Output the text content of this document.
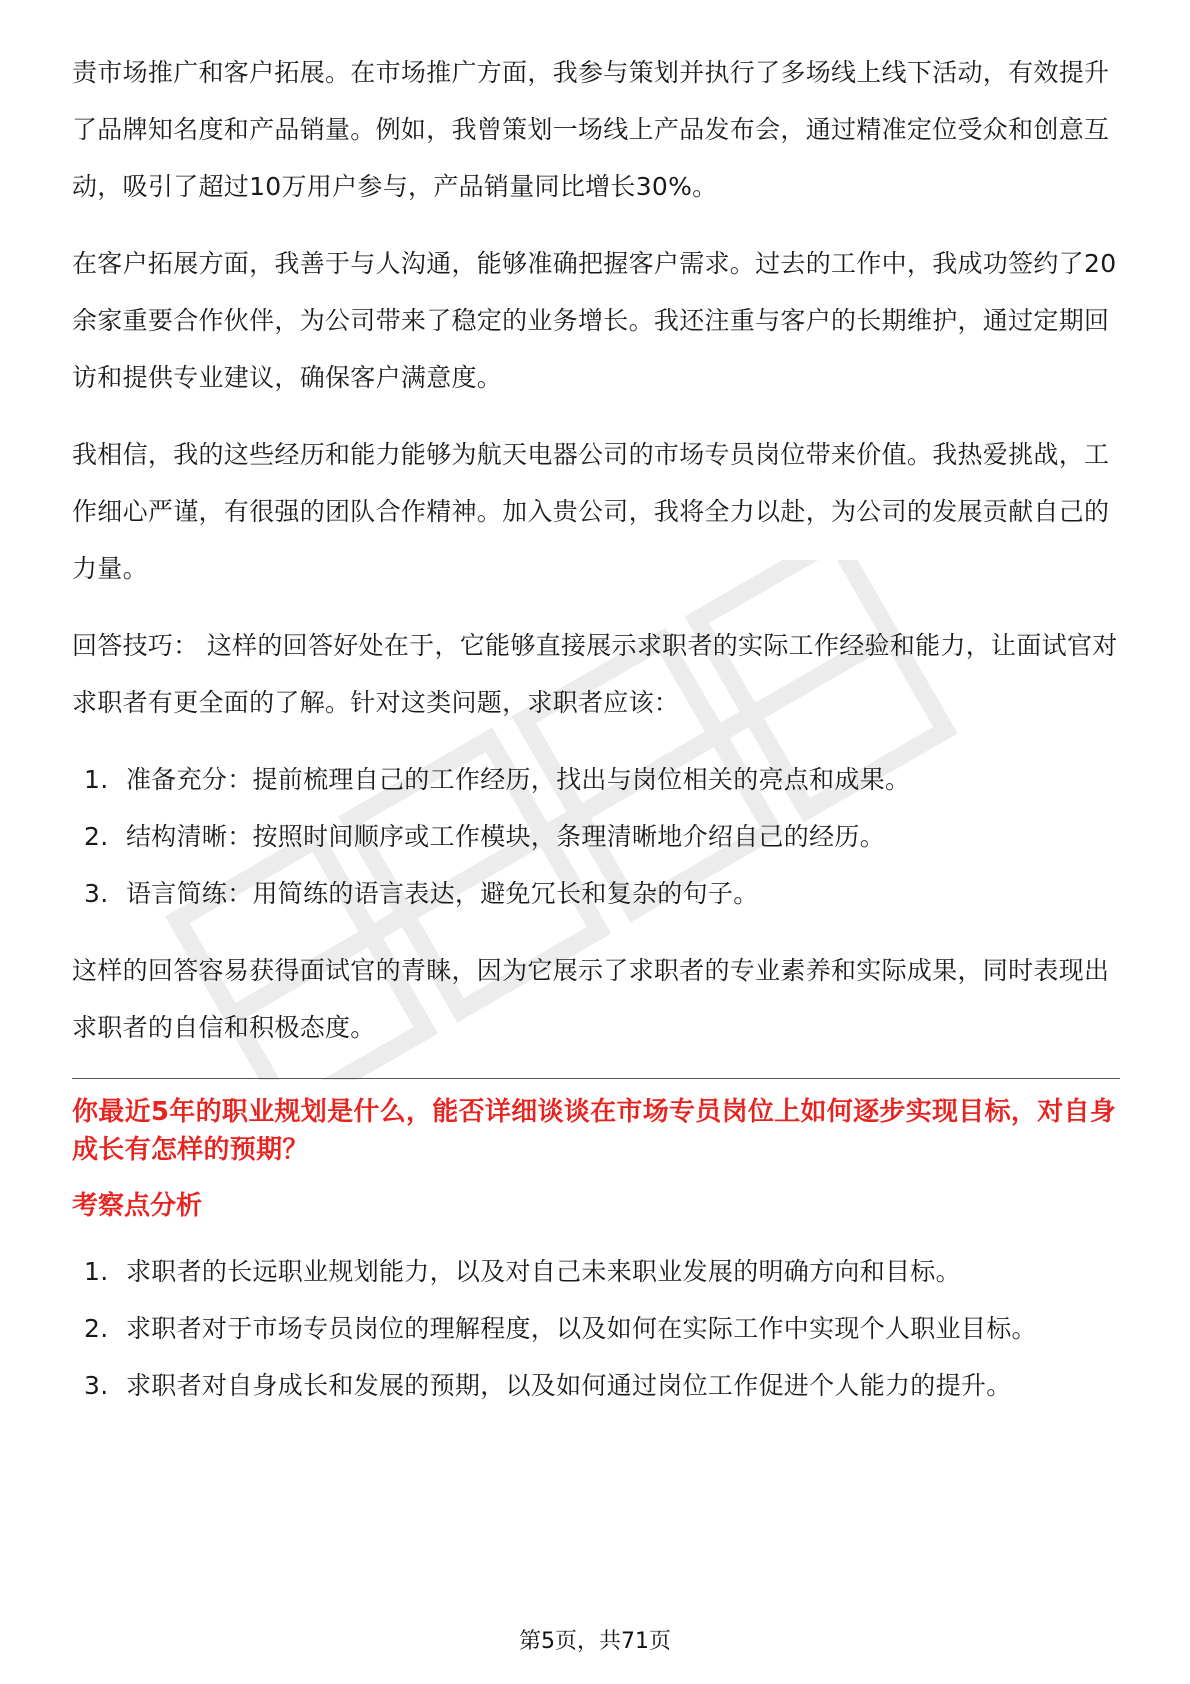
责市场推广和客户拓展。在市场推广方面，我参与策划并执行了多场线上线下活动，有效提升了品牌知名度和产品销量。例如，我曾策划一场线上产品发布会，通过精准定位受众和创意互动，吸引了超过10万用户参与，产品销量同比增长30%。

在客户拓展方面，我善于与人沟通，能够准确把握客户需求。过去的工作中，我成功签约了20余家重要合作伙伴，为公司带来了稳定的业务增长。我还注重与客户的长期维护，通过定期回访和提供专业建议，确保客户满意度。

我相信，我的这些经历和能力能够为航天电器公司的市场专员岗位带来价值。我热爱挑战，工作细心严谨，有很强的团队合作精神。加入贵公司，我将全力以赴，为公司的发展贡献自己的力量。

回答技巧： 这样的回答好处在于，它能够直接展示求职者的实际工作经验和能力，让面试官对求职者有更全面的了解。针对这类问题，求职者应该：

1. 准备充分：提前梳理自己的工作经历，找出与岗位相关的亮点和成果。
2. 结构清晰：按照时间顺序或工作模块，条理清晰地介绍自己的经历。
3. 语言简练：用简练的语言表达，避免冗长和复杂的句子。

这样的回答容易获得面试官的青睐，因为它展示了求职者的专业素养和实际成果，同时表现出求职者的自信和积极态度。

你最近5年的职业规划是什么，能否详细谈谈在市场专员岗位上如何逐步实现目标，对自身成长有怎样的预期？
考察点分析
1. 求职者的长远职业规划能力，以及对自己未来职业发展的明确方向和目标。
2. 求职者对于市场专员岗位的理解程度，以及如何在实际工作中实现个人职业目标。
3. 求职者对自身成长和发展的预期，以及如何通过岗位工作促进个人能力的提升。
第5页，共71页
